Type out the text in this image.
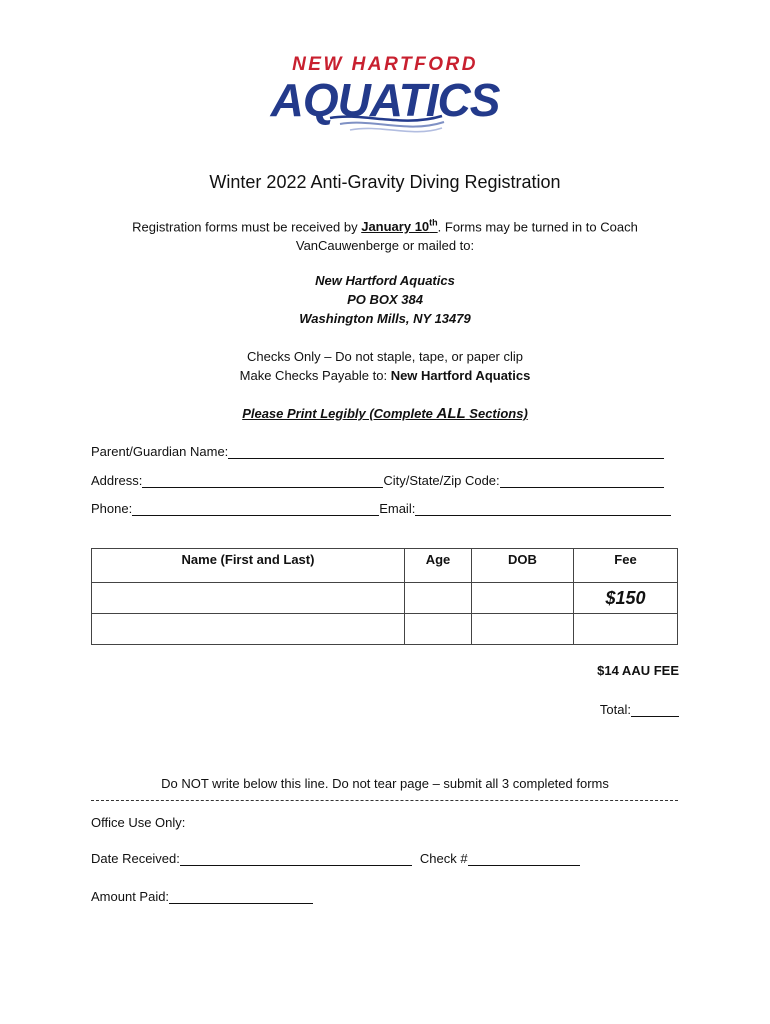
NEW HARTFORD
AQUATICS
Winter 2022 Anti-Gravity Diving Registration
Registration forms must be received by January 10th. Forms may be turned in to Coach VanCauwenberge or mailed to:
New Hartford Aquatics
PO BOX 384
Washington Mills, NY 13479
Checks Only – Do not staple, tape, or paper clip
Make Checks Payable to: New Hartford Aquatics
Please Print Legibly (Complete ALL Sections)
Parent/Guardian Name:
Address:	City/State/Zip Code:
Phone:	Email:
Name (First and Last)	Age	DOB	Fee
			$150

$14 AAU FEE
Total:
Do NOT write below this line. Do not tear page – submit all 3 completed forms
Office Use Only:
Date Received:	Check #
Amount Paid:
